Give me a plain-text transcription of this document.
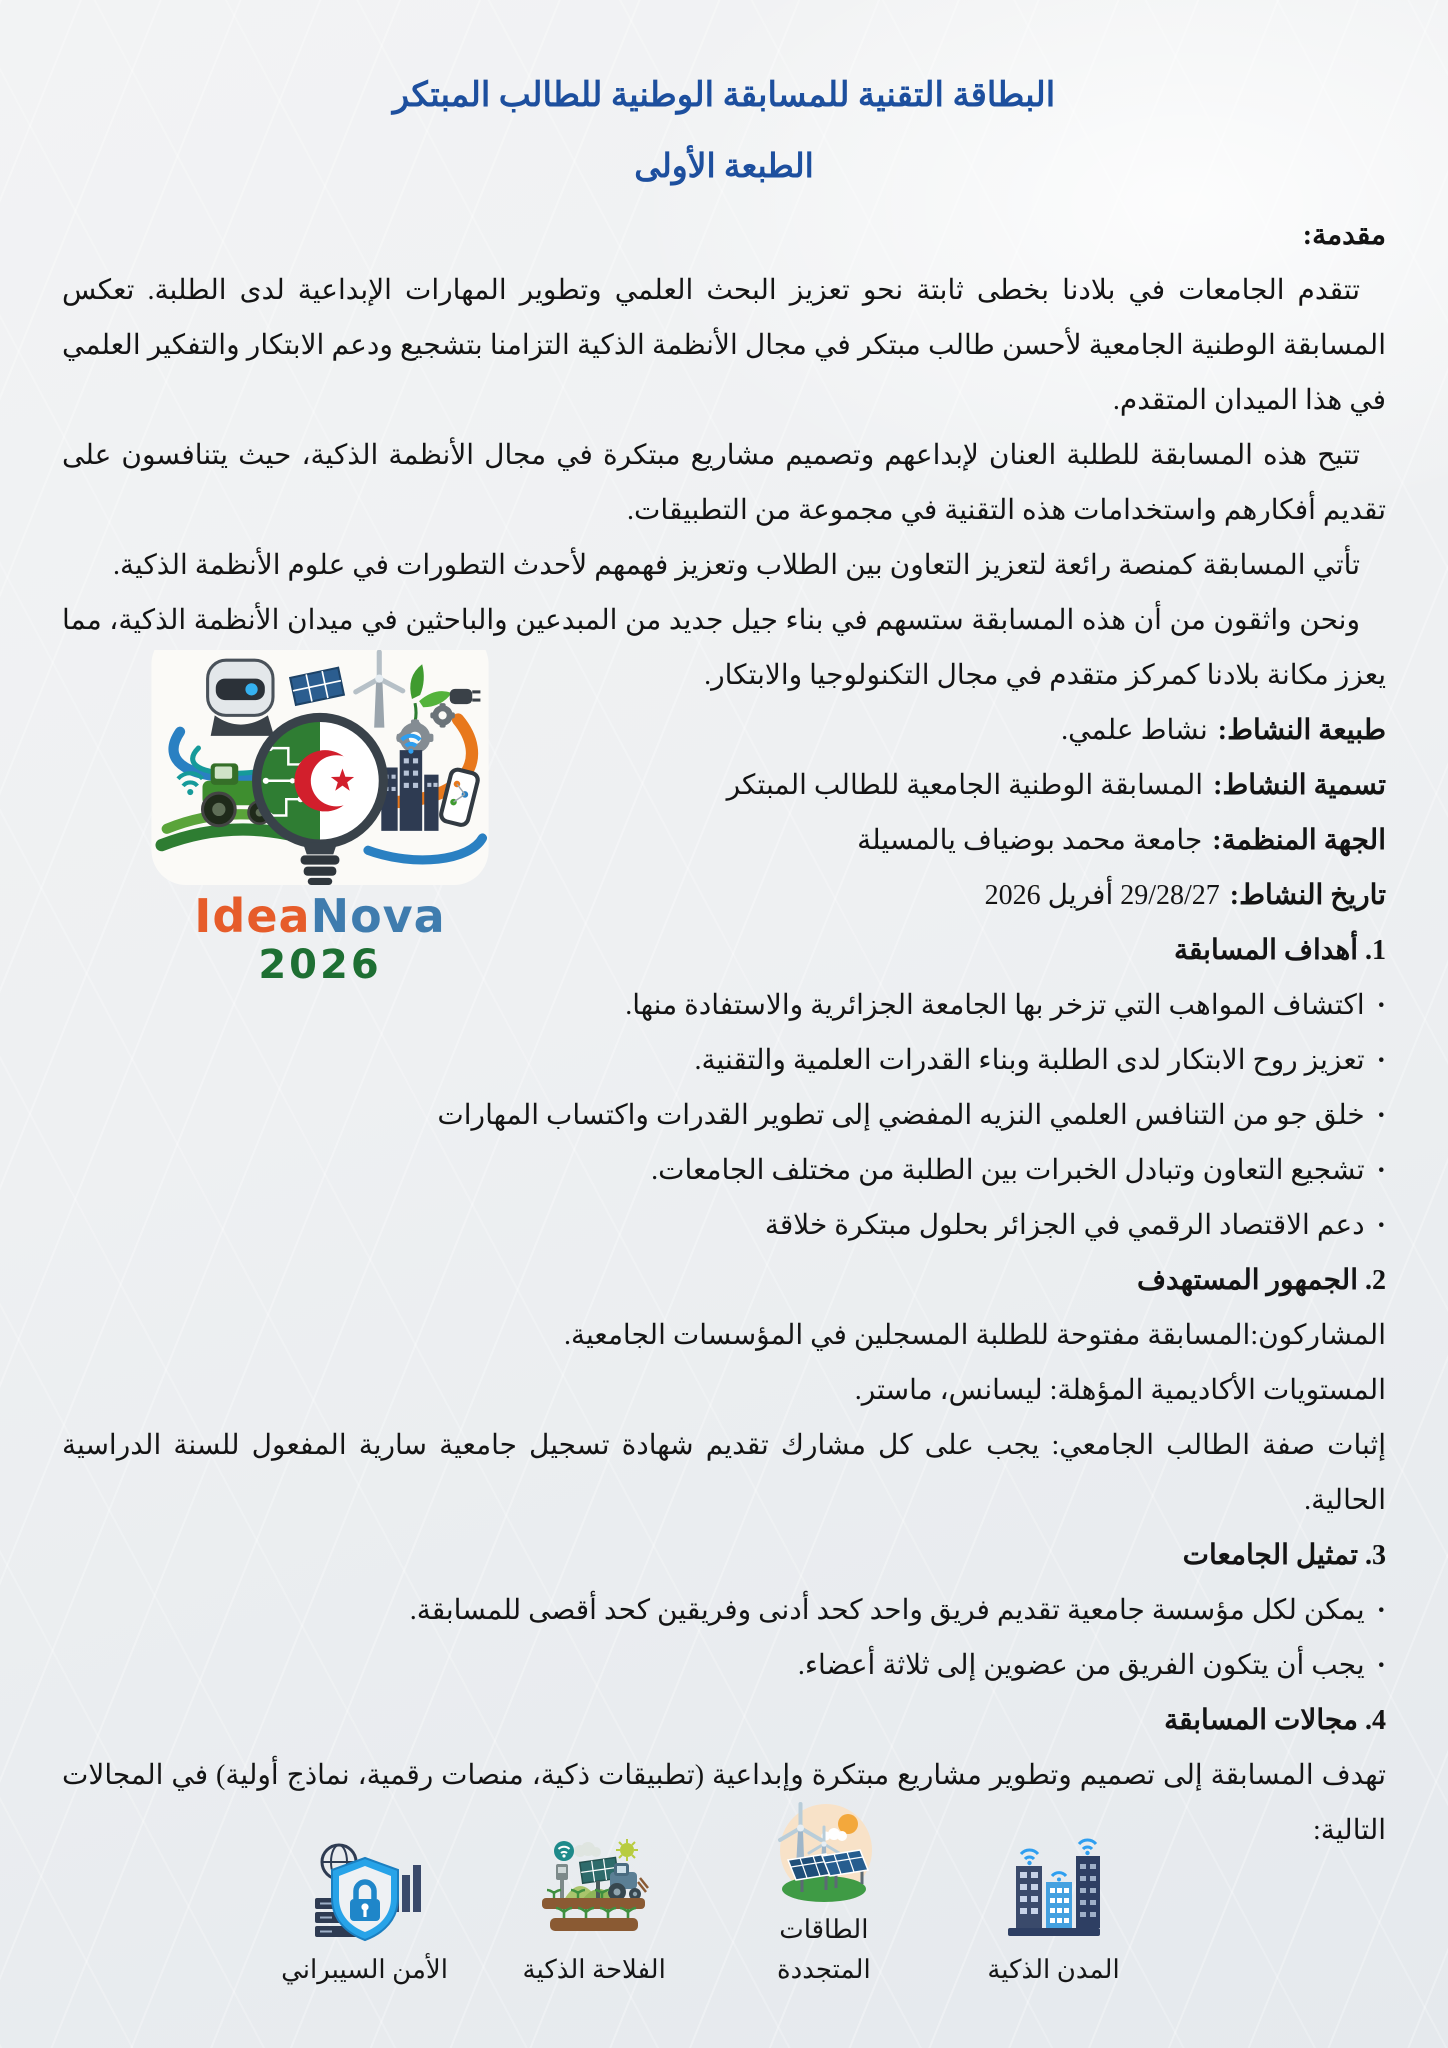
البطاقة التقنية للمسابقة الوطنية للطالب المبتكر
الطبعة الأولى

مقدمة:

تتقدم الجامعات في بلادنا بخطى ثابتة نحو تعزيز البحث العلمي وتطوير المهارات الإبداعية لدى الطلبة. تعكس المسابقة الوطنية الجامعية لأحسن طالب مبتكر في مجال الأنظمة الذكية التزامنا بتشجيع ودعم الابتكار والتفكير العلمي في هذا الميدان المتقدم.

تتيح هذه المسابقة للطلبة العنان لإبداعهم وتصميم مشاريع مبتكرة في مجال الأنظمة الذكية، حيث يتنافسون على تقديم أفكارهم واستخدامات هذه التقنية في مجموعة من التطبيقات.

تأتي المسابقة كمنصة رائعة لتعزيز التعاون بين الطلاب وتعزيز فهمهم لأحدث التطورات في علوم الأنظمة الذكية.

ونحن واثقون من أن هذه المسابقة ستسهم في بناء جيل جديد من المبدعين والباحثين في ميدان الأنظمة الذكية، مما يعزز مكانة بلادنا كمركز متقدم في مجال التكنولوجيا والابتكار.

طبيعة النشاط:نشاط علمي.
تسمية النشاط:المسابقة الوطنية الجامعية للطالب المبتكر
الجهة المنظمة:جامعة محمد بوضياف يالمسيلة
تاريخ النشاط:29/28/27 أفريل 2026

1. أهداف المسابقة

·اكتشاف المواهب التي تزخر بها الجامعة الجزائرية والاستفادة منها.

·تعزيز روح الابتكار لدى الطلبة وبناء القدرات العلمية والتقنية.

·خلق جو من التنافس العلمي النزيه المفضي إلى تطوير القدرات واكتساب المهارات

·تشجيع التعاون وتبادل الخبرات بين الطلبة من مختلف الجامعات.

·دعم الاقتصاد الرقمي في الجزائر بحلول مبتكرة خلاقة

2. الجمهور المستهدف

المشاركون:المسابقة مفتوحة للطلبة المسجلين في المؤسسات الجامعية.

المستويات الأكاديمية المؤهلة: ليسانس، ماستر.

إثبات صفة الطالب الجامعي: يجب على كل مشارك تقديم شهادة تسجيل جامعية سارية المفعول للسنة الدراسية الحالية.

3. تمثيل الجامعات

·يمكن لكل مؤسسة جامعية تقديم فريق واحد كحد أدنى وفريقين كحد أقصى للمسابقة.

·يجب أن يتكون الفريق من عضوين إلى ثلاثة أعضاء.

4. مجالات المسابقة

تهدف المسابقة إلى تصميم وتطوير مشاريع مبتكرة وإبداعية (تطبيقات ذكية، منصات رقمية، نماذج أولية) في المجالات التالية:

المدن الذكية
الطاقات المتجددة
الفلاحة الذكية
الأمن السيبراني
IdeaNova
2026
